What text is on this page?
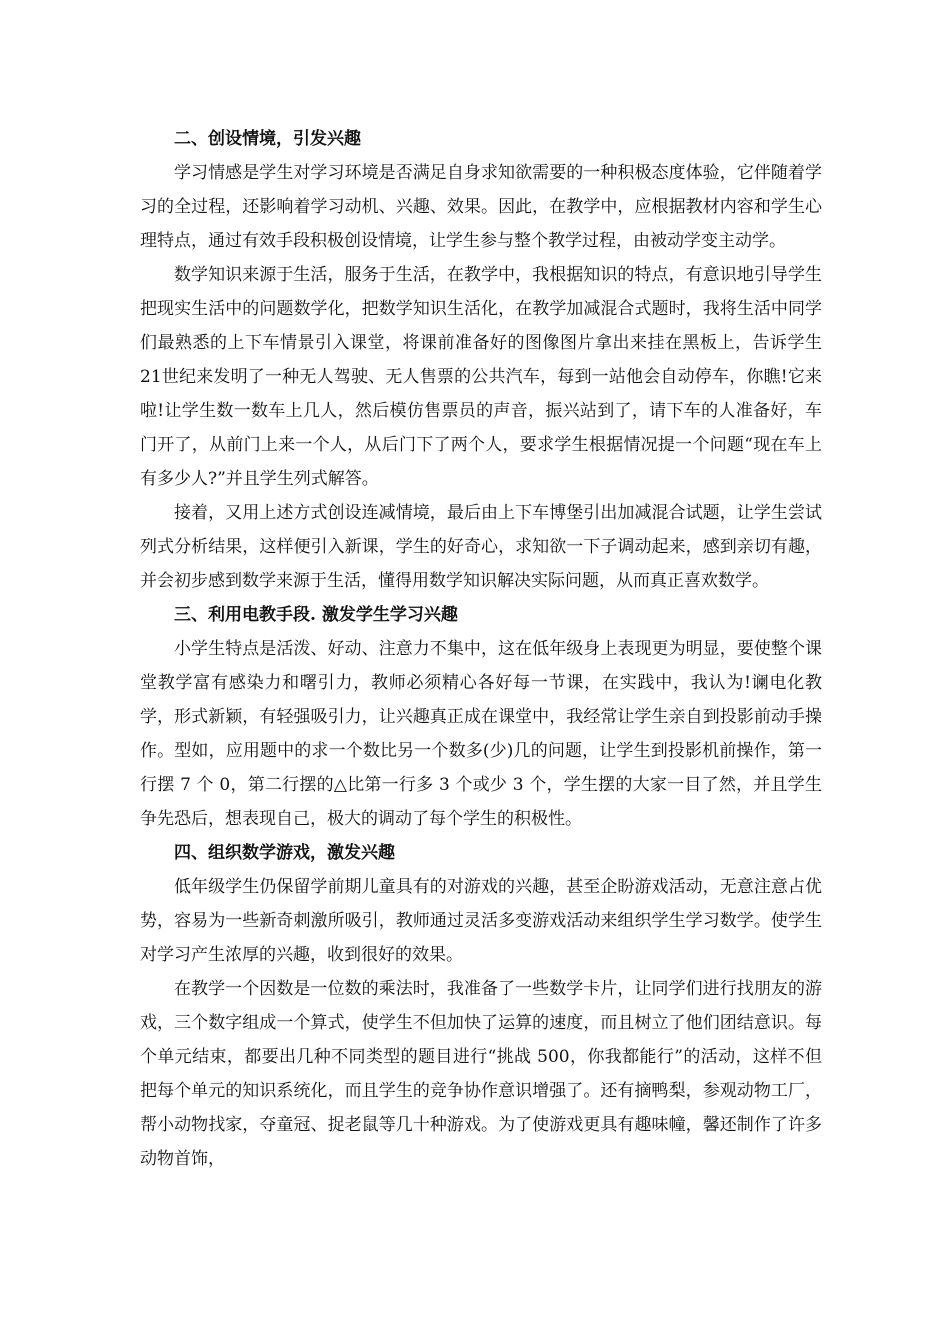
二、创设情境，引发兴趣

学习情感是学生对学习环境是否满足自身求知欲需要的一种积极态度体验，它伴随着学习的全过程，还影响着学习动机、兴趣、效果。因此，在教学中，应根据教材内容和学生心理特点，通过有效手段积极创设情境，让学生参与整个教学过程，由被动学变主动学。

数学知识来源于生活，服务于生活，在教学中，我根据知识的特点，有意识地引导学生把现实生活中的问题数学化，把数学知识生活化，在教学加减混合式题时，我将生活中同学们最熟悉的上下车情景引入课堂，将课前准备好的图像图片拿出来挂在黑板上，告诉学生 21世纪来发明了一种无人驾驶、无人售票的公共汽车，每到一站他会自动停车，你瞧!它来啦!让学生数一数车上几人，然后模仿售票员的声音，振兴站到了，请下车的人准备好，车门开了，从前门上来一个人，从后门下了两个人，要求学生根据情况提一个问题“现在车上有多少人?”并且学生列式解答。

接着，又用上述方式创设连减情境，最后由上下车博堡引出加减混合试题，让学生尝试列式分析结果，这样便引入新课，学生的好奇心，求知欲一下子调动起来，感到亲切有趣，并会初步感到数学来源于生活，懂得用数学知识解决实际问题，从而真正喜欢数学。

三、利用电教手段. 激发学生学习兴趣

小学生特点是活泼、好动、注意力不集中，这在低年级身上表现更为明显，要使整个课堂教学富有感染力和曙引力，教师必须精心各好每一节课，在实践中，我认为!谰电化教学，形式新颖，有轻强吸引力，让兴趣真正成在课堂中，我经常让学生亲自到投影前动手操作。型如，应用题中的求一个数比另一个数多(少)几的问题，让学生到投影机前操作，第一行摆 7 个 0，第二行摆的△比第一行多 3 个或少 3 个，学生摆的大家一目了然，并且学生争先恐后，想表现自己，极大的调动了每个学生的积极性。

四、组织数学游戏，激发兴趣

低年级学生仍保留学前期儿童具有的对游戏的兴趣，甚至企盼游戏活动，无意注意占优势，容易为一些新奇刺激所吸引，教师通过灵活多变游戏活动来组织学生学习数学。使学生对学习产生浓厚的兴趣，收到很好的效果。

在教学一个因数是一位数的乘法时，我准备了一些数学卡片，让同学们进行找朋友的游戏，三个数字组成一个算式，使学生不但加快了运算的速度，而且树立了他们团结意识。每个单元结束，都要出几种不同类型的题目进行“挑战 500，你我都能行”的活动，这样不但把每个单元的知识系统化，而且学生的竞争协作意识增强了。还有摘鸭梨，参观动物工厂，帮小动物找家，夺童冠、捉老鼠等几十种游戏。为了使游戏更具有趣味幢，馨还制作了许多动物首饰，
